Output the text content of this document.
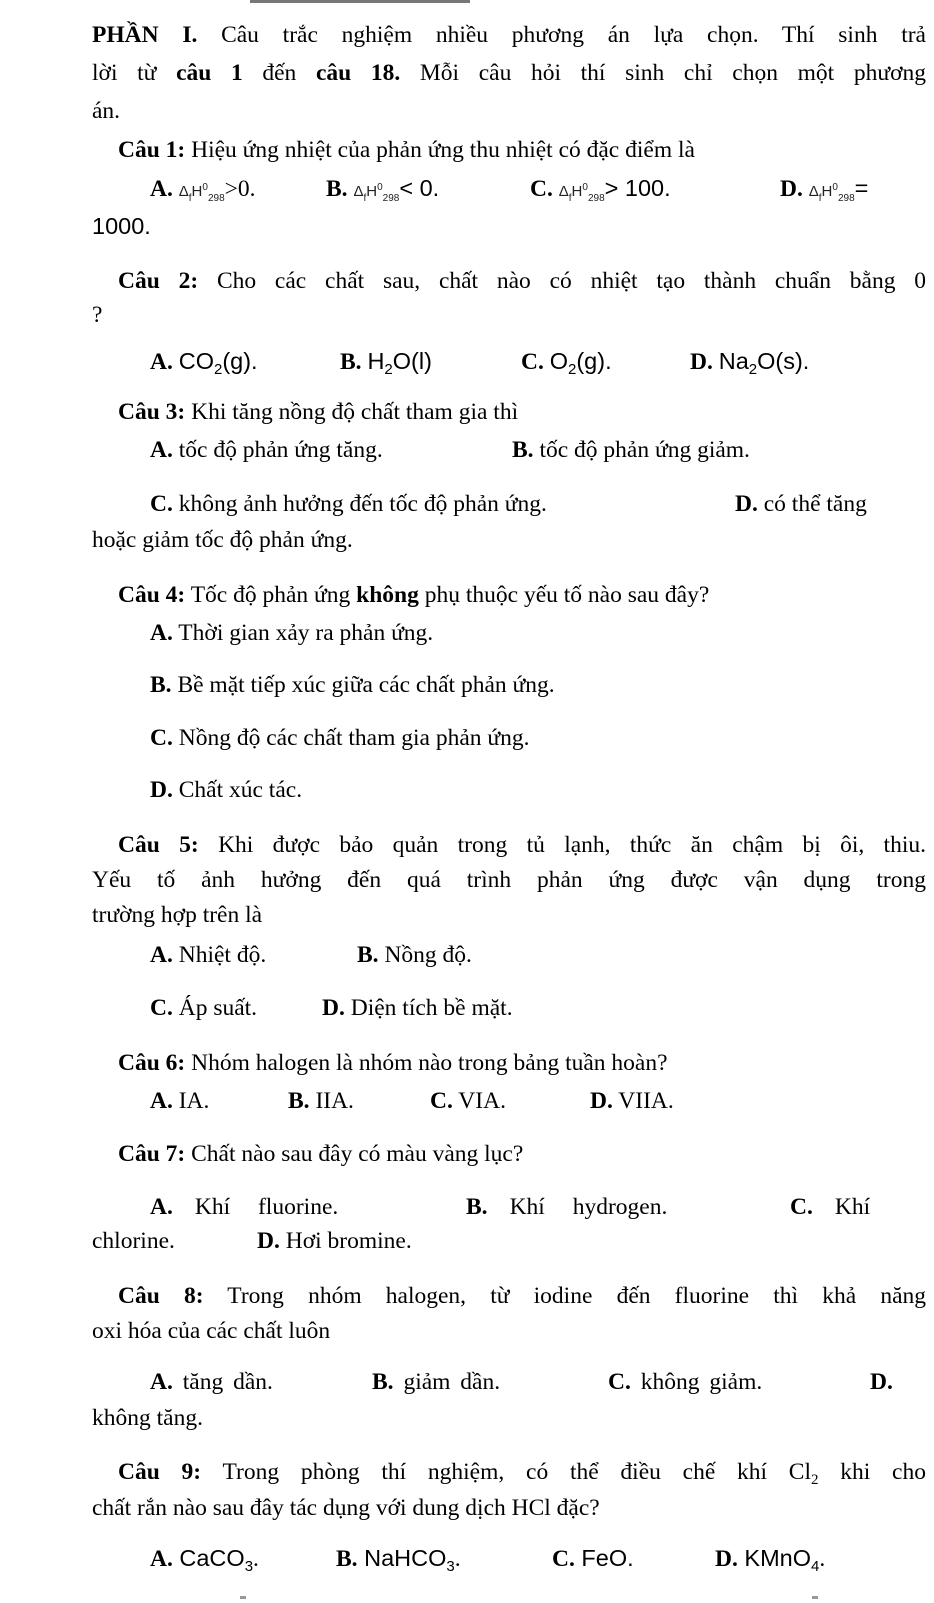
PHẦN I. Câu trắc nghiệm nhiều phương án lựa chọn. Thí sinh trả
lời từ câu 1 đến câu 18. Mỗi câu hỏi thí sinh chỉ chọn một phương
án.
Câu 1: Hiệu ứng nhiệt của phản ứng thu nhiệt có đặc điểm là
A. $\Delta_fH^0_{298}>0$.	B. $\Delta_fH^0_{298}< 0$.	C. $\Delta_fH^0_{298}> 100$.	D. $\Delta_fH^0_{298}=$
1000.
Câu 2: Cho các chất sau, chất nào có nhiệt tạo thành chuẩn bằng 0
?
A. $CO_2(g)$.	B. $H_2O(l)$	C. $O_2(g)$.	D. $Na_2O(s)$.
Câu 3: Khi tăng nồng độ chất tham gia thì
A. tốc độ phản ứng tăng.	B. tốc độ phản ứng giảm.
C. không ảnh hưởng đến tốc độ phản ứng.	D. có thể tăng
hoặc giảm tốc độ phản ứng.
Câu 4: Tốc độ phản ứng không phụ thuộc yếu tố nào sau đây?
A. Thời gian xảy ra phản ứng.
B. Bề mặt tiếp xúc giữa các chất phản ứng.
C. Nồng độ các chất tham gia phản ứng.
D. Chất xúc tác.
Câu 5: Khi được bảo quản trong tủ lạnh, thức ăn chậm bị ôi, thiu.
Yếu tố ảnh hưởng đến quá trình phản ứng được vận dụng trong
trường hợp trên là
A. Nhiệt độ.	B. Nồng độ.
C. Áp suất.	D. Diện tích bề mặt.
Câu 6: Nhóm halogen là nhóm nào trong bảng tuần hoàn?
A. IA.	B. IIA.	C. VIA.	D. VIIA.
Câu 7: Chất nào sau đây có màu vàng lục?
A. Khí fluorine.	B. Khí hydrogen.	C. Khí
chlorine.	D. Hơi bromine.
Câu 8: Trong nhóm halogen, từ iodine đến fluorine thì khả năng
oxi hóa của các chất luôn
A. tăng dần.	B. giảm dần.	C. không giảm.	D.
không tăng.
Câu 9: Trong phòng thí nghiệm, có thể điều chế khí $Cl_2$ khi cho
chất rắn nào sau đây tác dụng với dung dịch HCl đặc?
A. CaCO$_3$.	B. NaHCO$_3$.	C. FeO.	D. KMnO$_4$.
